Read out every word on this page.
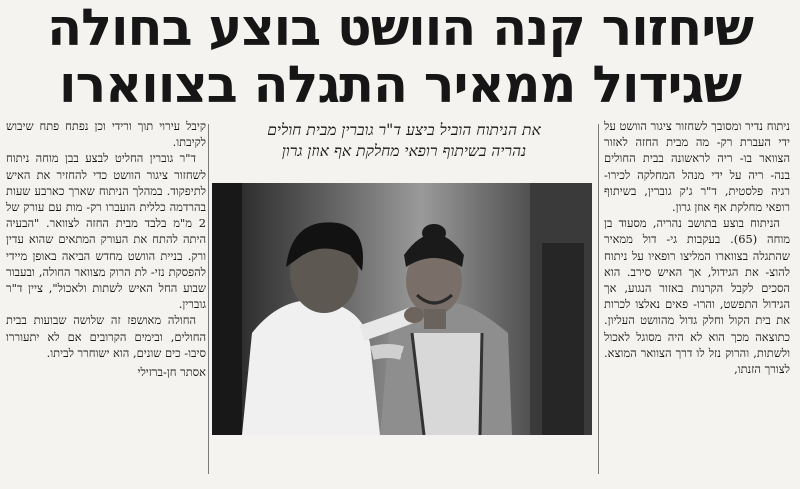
שיחזור קנה הוושט בוצע בחולה
שגידול ממאיר התגלה בצווארו

ניתוח נדיר ומסובך לשחזור ציגור הוושט על ידי העברת רק- מה מבית החזה לאזור הצוואר בו- ריה לראשונה בבית החולים בנה- ריה על ידי מנהל המחלקה לכירו- רגיה פלסטית, ד"ר ג'ק גוברין, בשיתוף רופאי מחלקת אף אוזן גרון.

הניתוח בוצע בתושב נהריה, מסעוד בן מוחה (65). בעקבות גי- דול ממאיר שהתגלה בצווארו המליצו רופאיו על ניתוח להוצ- את הגידול, אך האיש סירב. הוא הסכים לקבל הקרנות באזור הנגוע, אך הגידול התפשט, והרו- פאים נאלצו לכרות את בית הקול וחלק גדול מהוושט העליון. כתוצאה מכך הוא לא היה מסוגל לאכול ולשתות, והרוק נזל לו דרך הצוואר המוצא. לצורך הזנתו,

את הניתוח הוביל ביצע ד"ר גוברין מבית חולים
נהריה בשיתוף רופאי מחלקת אף אוזן גרון

קיבל עירוי תוך ורידי וכן נפתח פתח שיבוש לקיבתו.

ד"ר גוברין החליט לבצע בבן מוחה ניתוח לשחזור ציגור הוושט כדי להחזיר את האיש לתיפקוד. במהלך הניתוח שארך כארבע שעות בהרדמה כללית הועברו רק- מות עם עורק של 2 מ"מ בלבד מבית החזה לצוואר. "הבעיה היתה להתח את העורק המתאים שהוא עדין ורק. בניית הוושט מחדש הביאה באופן מיידי להפסקת נזי- לת הרוק מצוואר החולה, ובעבור שבוע החל האיש לשתות ולאכול", ציין ד"ר גוברין.

החולה מאושפז זה שלושה שבועות בבית החולים, ובימים הקרובים אם לא יתעוררו סיבו- כים שונים, הוא ישוחרר לביתו.

אסתר חן-ברזילי
